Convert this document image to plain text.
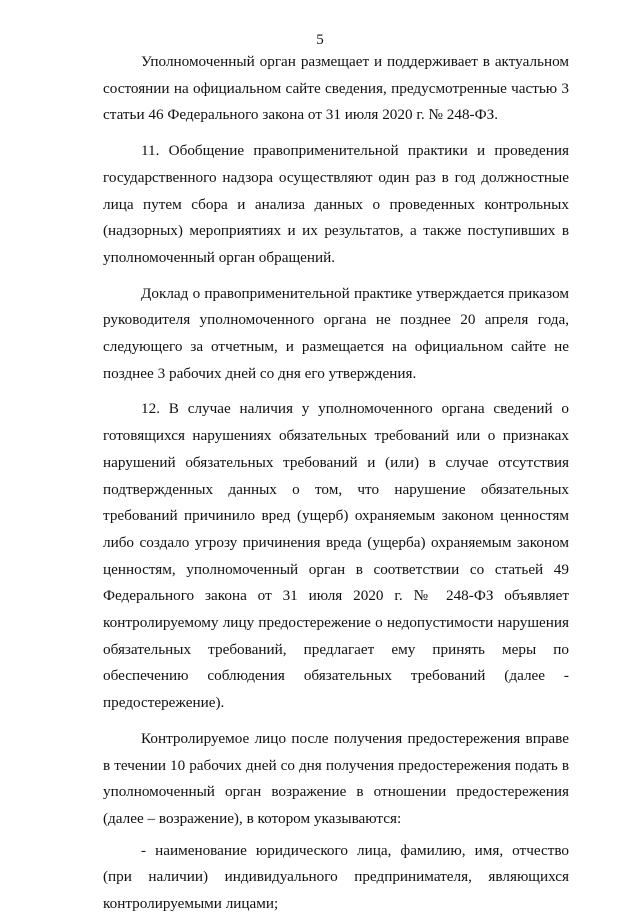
5

Уполномоченный орган размещает и поддерживает в актуальном состоянии на официальном сайте сведения, предусмотренные частью 3 статьи 46 Федерального закона от 31 июля 2020 г. № 248-ФЗ.

11. Обобщение правоприменительной практики и проведения государственного надзора осуществляют один раз в год должностные лица путем сбора и анализа данных о проведенных контрольных (надзорных) мероприятиях и их результатов, а также поступивших в уполномоченный орган обращений.

Доклад о правоприменительной практике утверждается приказом руководителя уполномоченного органа не позднее 20 апреля года, следующего за отчетным, и размещается на официальном сайте не позднее 3 рабочих дней со дня его утверждения.

12. В случае наличия у уполномоченного органа сведений о готовящихся нарушениях обязательных требований или о признаках нарушений обязательных требований и (или) в случае отсутствия подтвержденных данных о том, что нарушение обязательных требований причинило вред (ущерб) охраняемым законом ценностям либо создало угрозу причинения вреда (ущерба) охраняемым законом ценностям, уполномоченный орган в соответствии со статьей 49 Федерального закона от 31 июля 2020 г. № 248-ФЗ объявляет контролируемому лицу предостережение о недопустимости нарушения обязательных требований, предлагает ему принять меры по обеспечению соблюдения обязательных требований (далее - предостережение).

Контролируемое лицо после получения предостережения вправе в течении 10 рабочих дней со дня получения предостережения подать в уполномоченный орган возражение в отношении предостережения (далее – возражение), в котором указываются:

- наименование юридического лица, фамилию, имя, отчество (при наличии) индивидуального предпринимателя, являющихся контролируемыми лицами;
